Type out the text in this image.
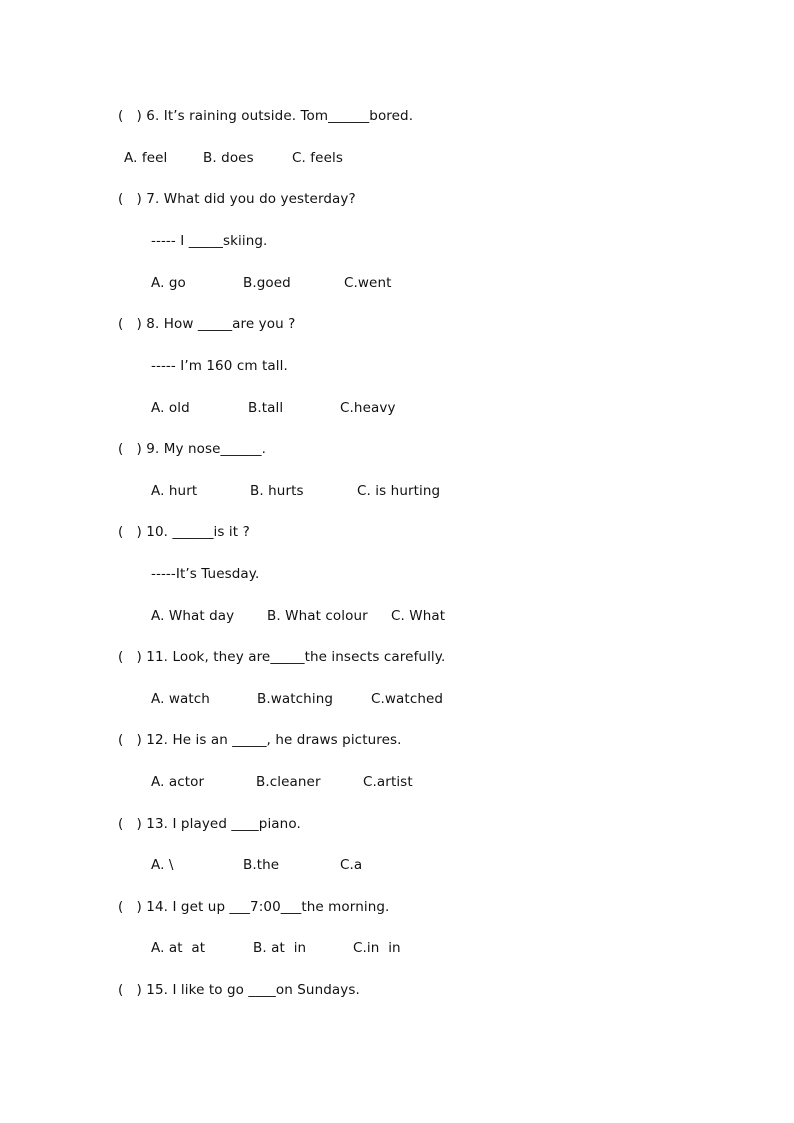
(   ) 6. It’s raining outside. Tom______bored.
A. feel	B. does	C. feels
(   ) 7. What did you do yesterday?
----- I _____skiing.
A. go	B.goed	C.went
(   ) 8. How _____are you ?
----- I’m 160 cm tall.
A. old	B.tall	C.heavy
(   ) 9. My nose______.
A. hurt	B. hurts	C. is hurting
(   ) 10. ______is it ?
-----It’s Tuesday.
A. What day B. What colour C. What
(   ) 11. Look, they are_____the insects carefully.
A. watch	B.watching	C.watched
(   ) 12. He is an _____, he draws pictures.
A. actor	B.cleaner	C.artist
(   ) 13. I played ____piano.
A. \	B.the	C.a
(   ) 14. I get up ___7:00___the morning.
A. at  at	B. at  in	C.in  in
(   ) 15. I like to go ____on Sundays.
